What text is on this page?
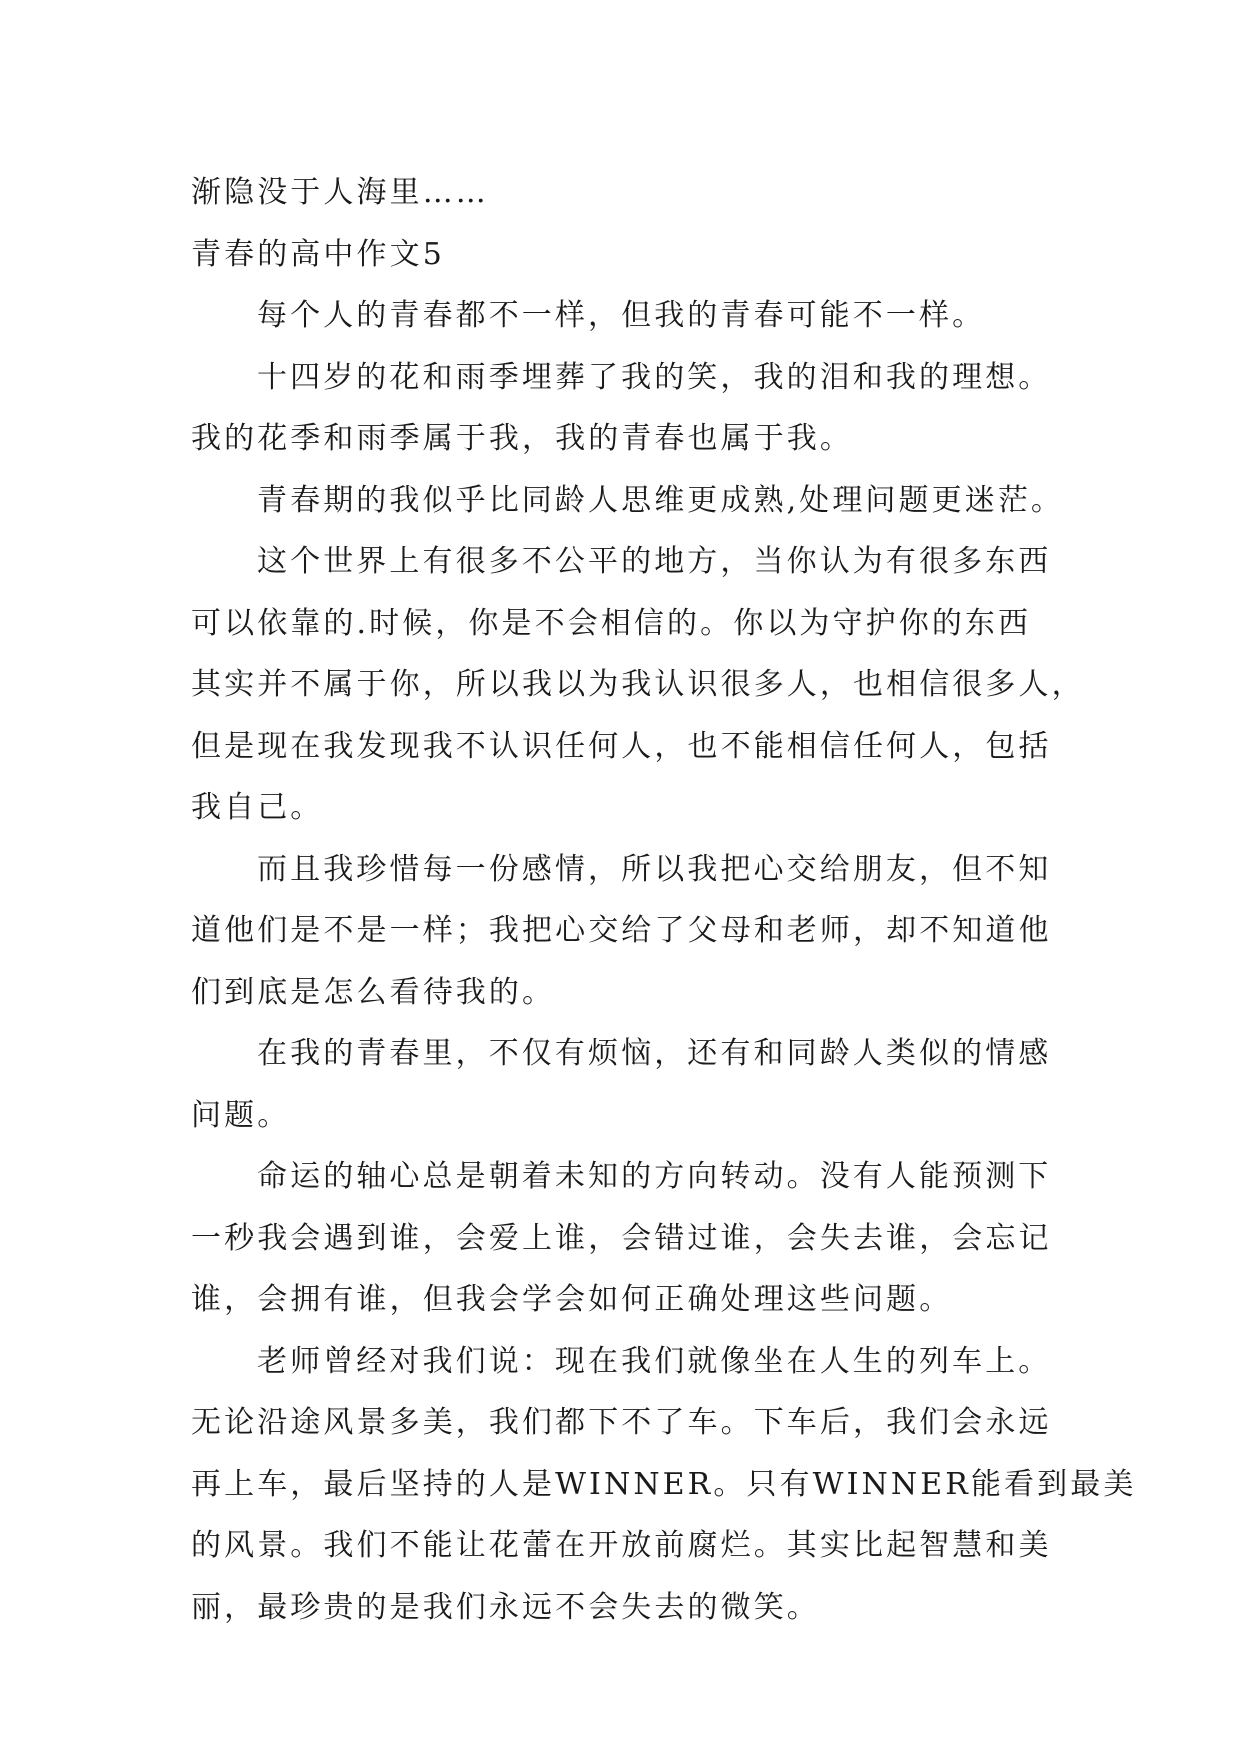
渐隐没于人海里……
青春的高中作文5
每个人的青春都不一样，但我的青春可能不一样。
十四岁的花和雨季埋葬了我的笑，我的泪和我的理想。
我的花季和雨季属于我，我的青春也属于我。
青春期的我似乎比同龄人思维更成熟,处理问题更迷茫。
这个世界上有很多不公平的地方，当你认为有很多东西
可以依靠的.时候，你是不会相信的。你以为守护你的东西
其实并不属于你，所以我以为我认识很多人，也相信很多人，
但是现在我发现我不认识任何人，也不能相信任何人，包括
我自己。
而且我珍惜每一份感情，所以我把心交给朋友，但不知
道他们是不是一样；我把心交给了父母和老师，却不知道他
们到底是怎么看待我的。
在我的青春里，不仅有烦恼，还有和同龄人类似的情感
问题。
命运的轴心总是朝着未知的方向转动。没有人能预测下
一秒我会遇到谁，会爱上谁，会错过谁，会失去谁，会忘记
谁，会拥有谁，但我会学会如何正确处理这些问题。
老师曾经对我们说：现在我们就像坐在人生的列车上。
无论沿途风景多美，我们都下不了车。下车后，我们会永远
再上车，最后坚持的人是WINNER。只有WINNER能看到最美
的风景。我们不能让花蕾在开放前腐烂。其实比起智慧和美
丽，最珍贵的是我们永远不会失去的微笑。
